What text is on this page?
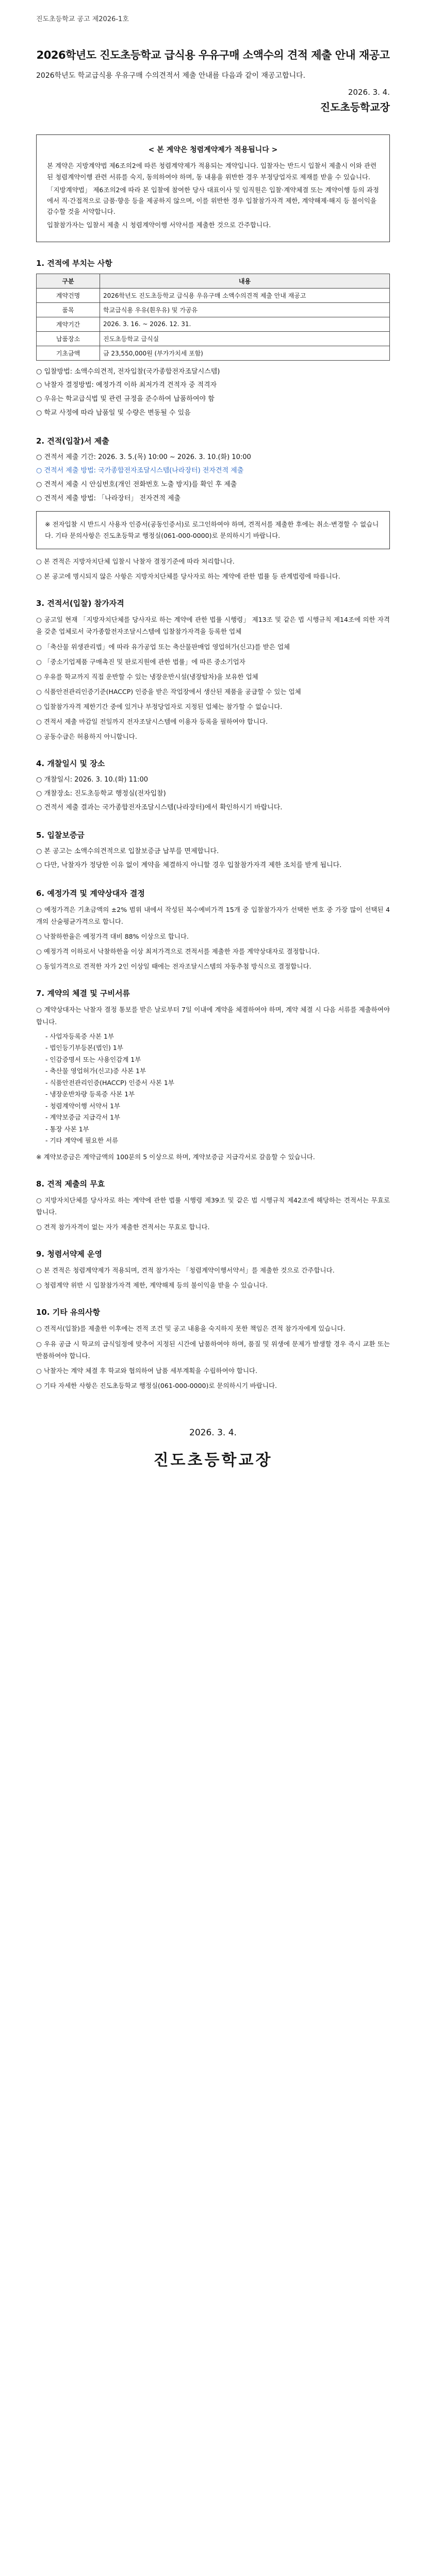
진도초등학교 공고 제2026-1호
2026학년도 진도초등학교 급식용 우유구매 소액수의 견적 제출 안내 재공고
2026학년도 학교급식용 우유구매 수의견적서 제출 안내를 다음과 같이 재공고합니다.
2026. 3. 4.
진도초등학교장
< 본 계약은 청렴계약제가 적용됩니다 >

본 계약은 지방계약법 제6조의2에 따른 청렴계약제가 적용되는 계약입니다. 입찰자는 반드시 입찰서 제출시 이와 관련된 청렴계약이행 관련 서류를 숙지, 동의하여야 하며, 동 내용을 위반한 경우 부정당업자로 제재를 받을 수 있습니다.

「지방계약법」 제6조의2에 따라 본 입찰에 참여한 당사 대표이사 및 임직원은 입찰·계약체결 또는 계약이행 등의 과정에서 직·간접적으로 금품·향응 등을 제공하지 않으며, 이를 위반한 경우 입찰참가자격 제한, 계약해제·해지 등 불이익을 감수할 것을 서약합니다.

입찰참가자는 입찰서 제출 시 청렴계약이행 서약서를 제출한 것으로 간주합니다.

1. 견적에 부치는 사항
구분	내용
계약건명	2026학년도 진도초등학교 급식용 우유구매 소액수의견적 제출 안내 재공고
품목	학교급식용 우유(흰우유) 및 가공유
계약기간	2026. 3. 16. ~ 2026. 12. 31.
납품장소	진도초등학교 급식실
기초금액	금 23,550,000원 (부가가치세 포함)
○ 입찰방법: 소액수의견적, 전자입찰(국가종합전자조달시스템)
○ 낙찰자 결정방법: 예정가격 이하 최저가격 견적자 중 적격자
○ 우유는 학교급식법 및 관련 규정을 준수하여 납품하여야 함
○ 학교 사정에 따라 납품일 및 수량은 변동될 수 있음
2. 견적(입찰)서 제출
○ 견적서 제출 기간: 2026. 3. 5.(목) 10:00 ~ 2026. 3. 10.(화) 10:00
○ 견적서 제출 방법: 국가종합전자조달시스템(나라장터) 전자견적 제출
○ 견적서 제출 시 안심번호(개인 전화번호 노출 방지)를 확인 후 제출
○ 견적서 제출 방법: 「나라장터」 전자견적 제출
※ 전자입찰 시 반드시 사용자 인증서(공동인증서)로 로그인하여야 하며, 견적서를 제출한 후에는 취소·변경할 수 없습니다. 기타 문의사항은 진도초등학교 행정실(061-000-0000)로 문의하시기 바랍니다.
○ 본 견적은 지방자치단체 입찰시 낙찰자 결정기준에 따라 처리합니다.
○ 본 공고에 명시되지 않은 사항은 지방자치단체를 당사자로 하는 계약에 관한 법률 등 관계법령에 따릅니다.
3. 견적서(입찰) 참가자격
○ 공고일 현재 「지방자치단체를 당사자로 하는 계약에 관한 법률 시행령」 제13조 및 같은 법 시행규칙 제14조에 의한 자격을 갖춘 업체로서 국가종합전자조달시스템에 입찰참가자격을 등록한 업체
○ 「축산물 위생관리법」에 따라 유가공업 또는 축산물판매업 영업허가(신고)를 받은 업체
○ 「중소기업제품 구매촉진 및 판로지원에 관한 법률」에 따른 중소기업자
○ 우유를 학교까지 직접 운반할 수 있는 냉장운반시설(냉장탑차)을 보유한 업체
○ 식품안전관리인증기준(HACCP) 인증을 받은 작업장에서 생산된 제품을 공급할 수 있는 업체
○ 입찰참가자격 제한기간 중에 있거나 부정당업자로 지정된 업체는 참가할 수 없습니다.
○ 견적서 제출 마감일 전일까지 전자조달시스템에 이용자 등록을 필하여야 합니다.
○ 공동수급은 허용하지 아니합니다.
4. 개찰일시 및 장소
○ 개찰일시: 2026. 3. 10.(화) 11:00
○ 개찰장소: 진도초등학교 행정실(전자입찰)
○ 견적서 제출 결과는 국가종합전자조달시스템(나라장터)에서 확인하시기 바랍니다.
5. 입찰보증금
○ 본 공고는 소액수의견적으로 입찰보증금 납부를 면제합니다.
○ 다만, 낙찰자가 정당한 이유 없이 계약을 체결하지 아니할 경우 입찰참가자격 제한 조치를 받게 됩니다.
6. 예정가격 및 계약상대자 결정
○ 예정가격은 기초금액의 ±2% 범위 내에서 작성된 복수예비가격 15개 중 입찰참가자가 선택한 번호 중 가장 많이 선택된 4개의 산술평균가격으로 합니다.
○ 낙찰하한율은 예정가격 대비 88% 이상으로 합니다.
○ 예정가격 이하로서 낙찰하한율 이상 최저가격으로 견적서를 제출한 자를 계약상대자로 결정합니다.
○ 동일가격으로 견적한 자가 2인 이상일 때에는 전자조달시스템의 자동추첨 방식으로 결정합니다.
7. 계약의 체결 및 구비서류
○ 계약상대자는 낙찰자 결정 통보를 받은 날로부터 7일 이내에 계약을 체결하여야 하며, 계약 체결 시 다음 서류를 제출하여야 합니다.
- 사업자등록증 사본 1부
- 법인등기부등본(법인) 1부
- 인감증명서 또는 사용인감계 1부
- 축산물 영업허가(신고)증 사본 1부
- 식품안전관리인증(HACCP) 인증서 사본 1부
- 냉장운반차량 등록증 사본 1부
- 청렴계약이행 서약서 1부
- 계약보증금 지급각서 1부
- 통장 사본 1부
- 기타 계약에 필요한 서류
※ 계약보증금은 계약금액의 100분의 5 이상으로 하며, 계약보증금 지급각서로 갈음할 수 있습니다.
8. 견적 제출의 무효
○ 지방자치단체를 당사자로 하는 계약에 관한 법률 시행령 제39조 및 같은 법 시행규칙 제42조에 해당하는 견적서는 무효로 합니다.
○ 견적 참가자격이 없는 자가 제출한 견적서는 무효로 합니다.
9. 청렴서약제 운영
○ 본 견적은 청렴계약제가 적용되며, 견적 참가자는 「청렴계약이행서약서」를 제출한 것으로 간주합니다.
○ 청렴계약 위반 시 입찰참가자격 제한, 계약해제 등의 불이익을 받을 수 있습니다.
10. 기타 유의사항
○ 견적서(입찰)를 제출한 이후에는 견적 조건 및 공고 내용을 숙지하지 못한 책임은 견적 참가자에게 있습니다.
○ 우유 공급 시 학교의 급식일정에 맞추어 지정된 시간에 납품하여야 하며, 품질 및 위생에 문제가 발생할 경우 즉시 교환 또는 반품하여야 합니다.
○ 낙찰자는 계약 체결 후 학교와 협의하여 납품 세부계획을 수립하여야 합니다.
○ 기타 자세한 사항은 진도초등학교 행정실(061-000-0000)로 문의하시기 바랍니다.
2026. 3. 4.
진도초등학교장
